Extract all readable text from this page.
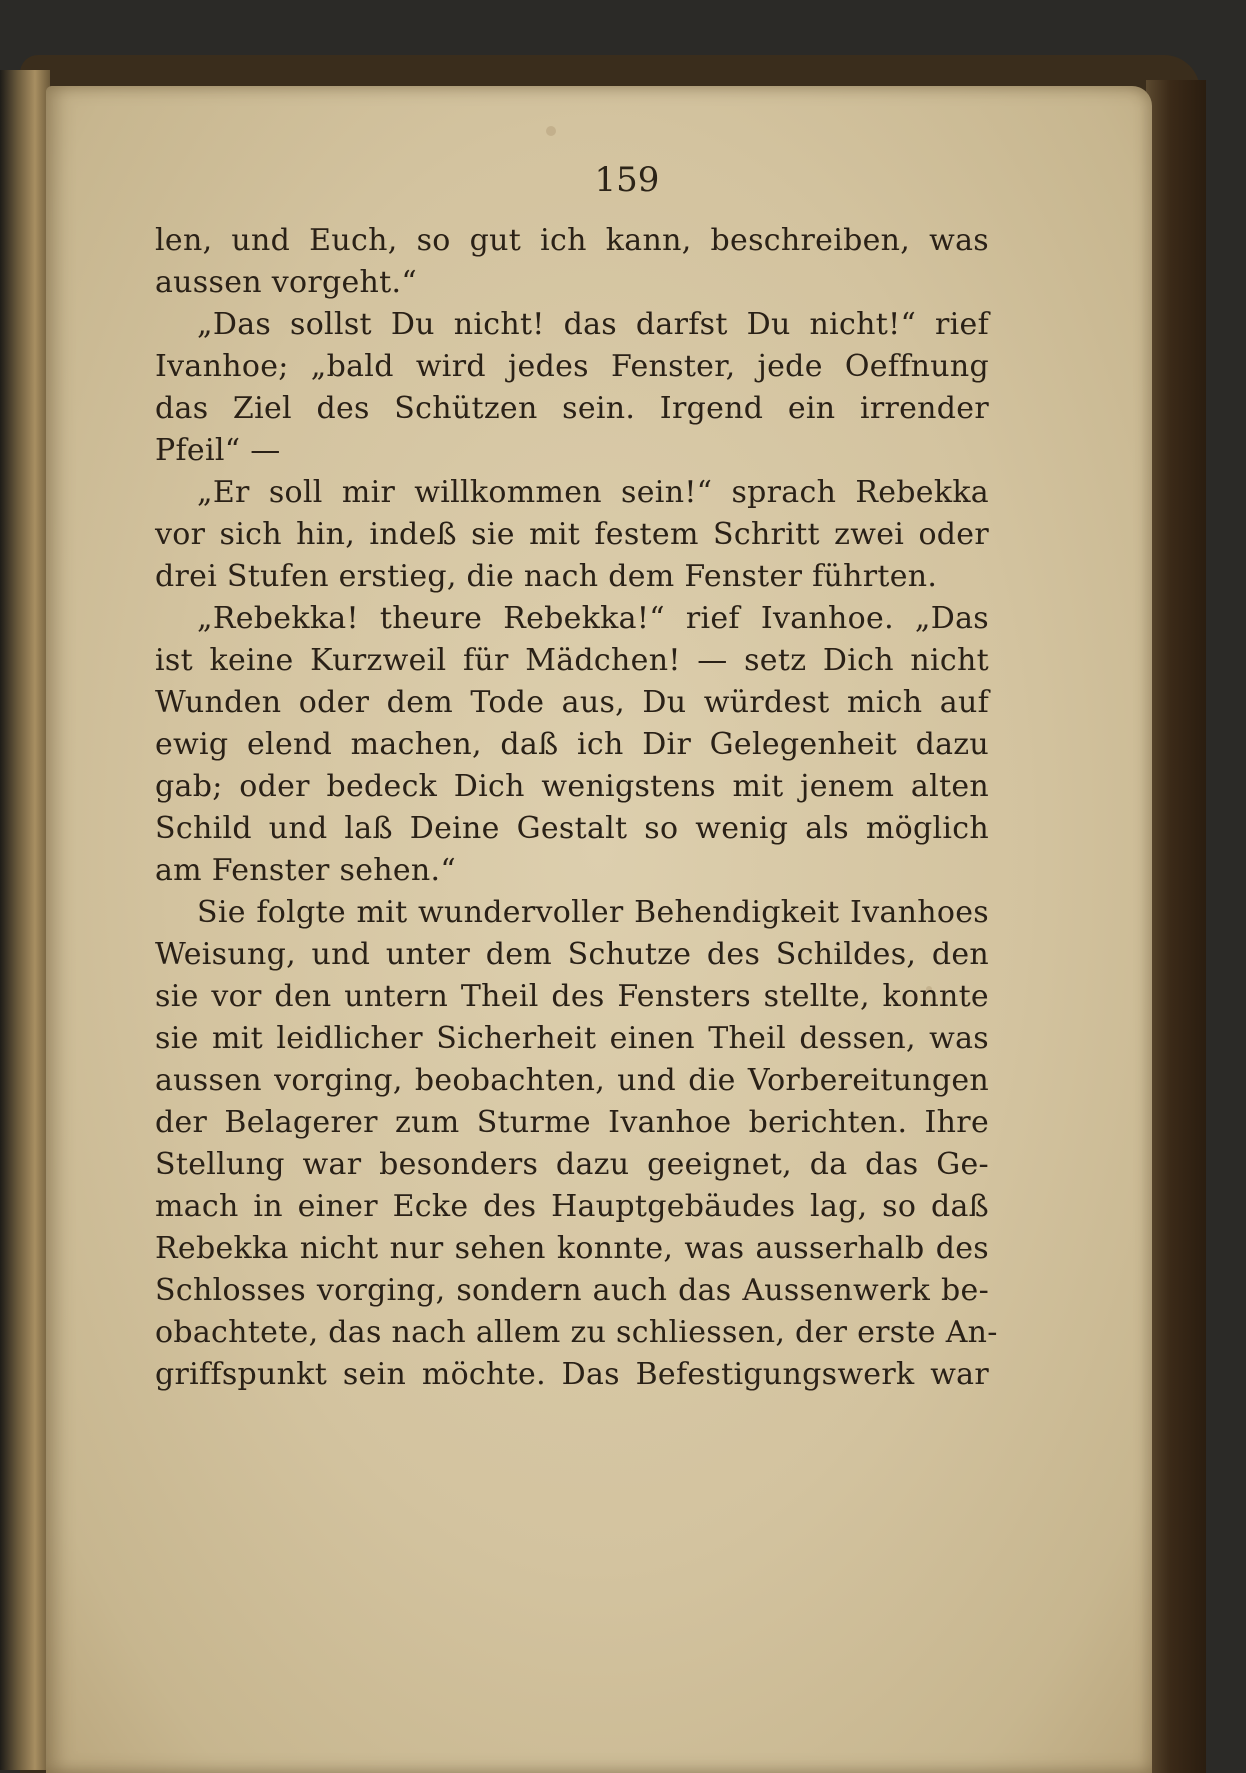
159
len, und Euch, so gut ich kann, beschreiben, was
aussen vorgeht.“
„Das sollst Du nicht! das darfst Du nicht!“ rief
Ivanhoe; „bald wird jedes Fenster, jede Oeffnung
das Ziel des Schützen sein. Irgend ein irrender
Pfeil“ —
„Er soll mir willkommen sein!“ sprach Rebekka
vor sich hin, indeß sie mit festem Schritt zwei oder
drei Stufen erstieg, die nach dem Fenster führten.
„Rebekka! theure Rebekka!“ rief Ivanhoe. „Das
ist keine Kurzweil für Mädchen! — setz Dich nicht
Wunden oder dem Tode aus, Du würdest mich auf
ewig elend machen, daß ich Dir Gelegenheit dazu
gab; oder bedeck Dich wenigstens mit jenem alten
Schild und laß Deine Gestalt so wenig als möglich
am Fenster sehen.“
Sie folgte mit wundervoller Behendigkeit Ivanhoes
Weisung, und unter dem Schutze des Schildes, den
sie vor den untern Theil des Fensters stellte, konnte
sie mit leidlicher Sicherheit einen Theil dessen, was
aussen vorging, beobachten, und die Vorbereitungen
der Belagerer zum Sturme Ivanhoe berichten. Ihre
Stellung war besonders dazu geeignet, da das Ge-
mach in einer Ecke des Hauptgebäudes lag, so daß
Rebekka nicht nur sehen konnte, was ausserhalb des
Schlosses vorging, sondern auch das Aussenwerk be-
obachtete, das nach allem zu schliessen, der erste An-
griffspunkt sein möchte. Das Befestigungswerk war
